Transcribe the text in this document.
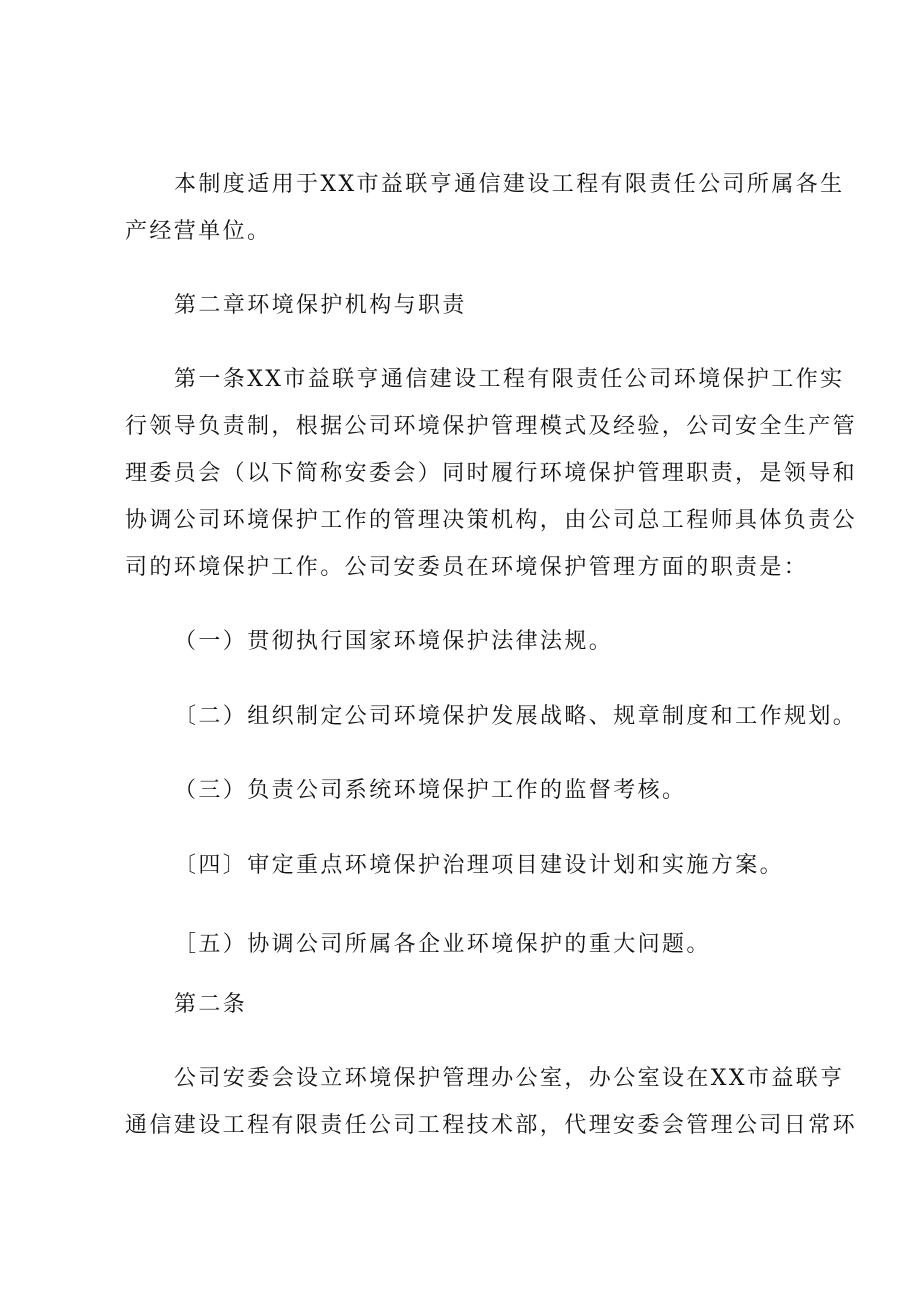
本制度适用于XX市益联亨通信建设工程有限责任公司所属各生
产经营单位。
第二章环境保护机构与职责
第一条XX市益联亨通信建设工程有限责任公司环境保护工作实
行领导负责制，根据公司环境保护管理模式及经验，公司安全生产管
理委员会（以下简称安委会）同时履行环境保护管理职责，是领导和
协调公司环境保护工作的管理决策机构，由公司总工程师具体负责公
司的环境保护工作。公司安委员在环境保护管理方面的职责是：
（一）贯彻执行国家环境保护法律法规。
〔二）组织制定公司环境保护发展战略、规章制度和工作规划。
（三）负责公司系统环境保护工作的监督考核。
〔四〕审定重点环境保护治理项目建设计划和实施方案。
［五）协调公司所属各企业环境保护的重大问题。
第二条
公司安委会设立环境保护管理办公室，办公室设在XX市益联亨
通信建设工程有限责任公司工程技术部，代理安委会管理公司日常环
